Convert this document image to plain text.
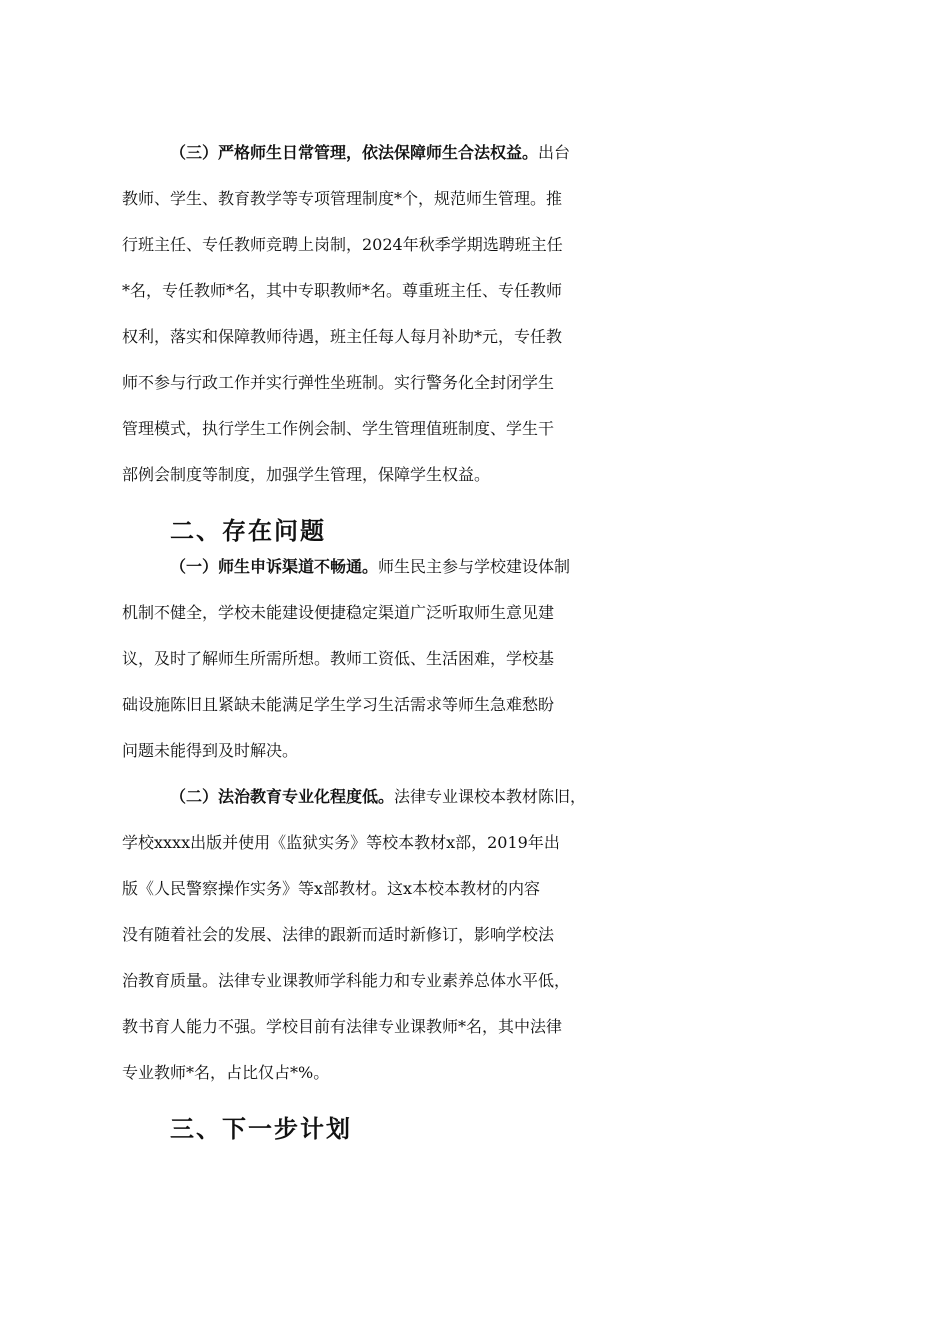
（三）严格师生日常管理，依法保障师生合法权益。出台
教师、学生、教育教学等专项管理制度*个，规范师生管理。推
行班主任、专任教师竞聘上岗制，2024年秋季学期选聘班主任
*名，专任教师*名，其中专职教师*名。尊重班主任、专任教师
权利，落实和保障教师待遇，班主任每人每月补助*元，专任教
师不参与行政工作并实行弹性坐班制。实行警务化全封闭学生
管理模式，执行学生工作例会制、学生管理值班制度、学生干
部例会制度等制度，加强学生管理，保障学生权益。
二、存在问题
（一）师生申诉渠道不畅通。师生民主参与学校建设体制
机制不健全，学校未能建设便捷稳定渠道广泛听取师生意见建
议，及时了解师生所需所想。教师工资低、生活困难，学校基
础设施陈旧且紧缺未能满足学生学习生活需求等师生急难愁盼
问题未能得到及时解决。
（二）法治教育专业化程度低。法律专业课校本教材陈旧，
学校xxxx出版并使用《监狱实务》等校本教材x部，2019年出
版《人民警察操作实务》等x部教材。这x本校本教材的内容
没有随着社会的发展、法律的跟新而适时新修订，影响学校法
治教育质量。法律专业课教师学科能力和专业素养总体水平低，
教书育人能力不强。学校目前有法律专业课教师*名，其中法律
专业教师*名，占比仅占*%。
三、下一步计划
